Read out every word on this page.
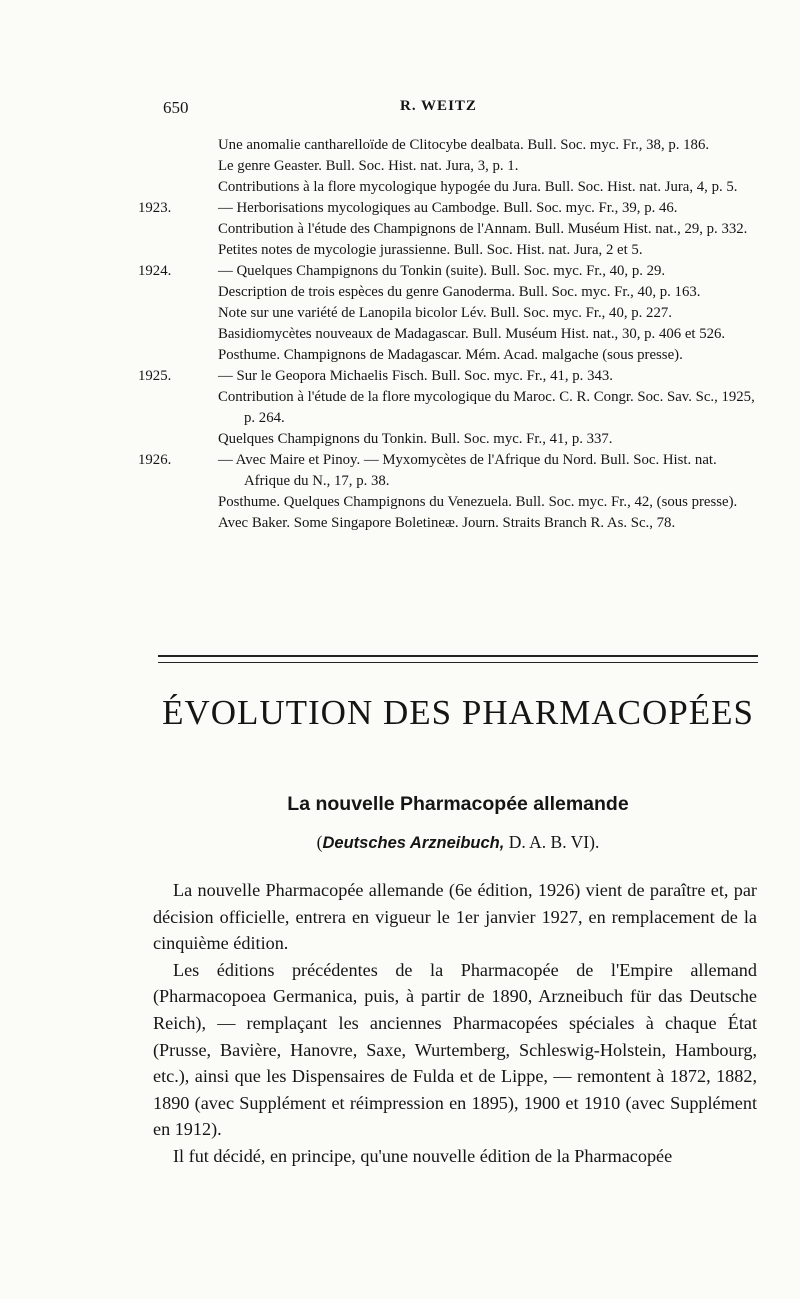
650	R. WEITZ
Une anomalie cantharelloïde de Clitocybe dealbata. Bull. Soc. myc. Fr., 38, p. 186.
Le genre Geaster. Bull. Soc. Hist. nat. Jura, 3, p. 1.
Contributions à la flore mycologique hypogée du Jura. Bull. Soc. Hist. nat. Jura, 4, p. 5.
1923.	— Herborisations mycologiques au Cambodge. Bull. Soc. myc. Fr., 39, p. 46.
Contribution à l'étude des Champignons de l'Annam. Bull. Muséum Hist. nat., 29, p. 332.
Petites notes de mycologie jurassienne. Bull. Soc. Hist. nat. Jura, 2 et 5.
1924.	— Quelques Champignons du Tonkin (suite). Bull. Soc. myc. Fr., 40, p. 29.
Description de trois espèces du genre Ganoderma. Bull. Soc. myc. Fr., 40, p. 163.
Note sur une variété de Lanopila bicolor Lév. Bull. Soc. myc. Fr., 40, p. 227.
Basidiomycètes nouveaux de Madagascar. Bull. Muséum Hist. nat., 30, p. 406 et 526.
Posthume. Champignons de Madagascar. Mém. Acad. malgache (sous presse).
1925.	— Sur le Geopora Michaelis Fisch. Bull. Soc. myc. Fr., 41, p. 343.
Contribution à l'étude de la flore mycologique du Maroc. C. R. Congr. Soc. Sav. Sc., 1925, p. 264.
Quelques Champignons du Tonkin. Bull. Soc. myc. Fr., 41, p. 337.
1926.	— Avec Maire et Pinoy. — Myxomycètes de l'Afrique du Nord. Bull. Soc. Hist. nat. Afrique du N., 17, p. 38.
Posthume. Quelques Champignons du Venezuela. Bull. Soc. myc. Fr., 42, (sous presse).
Avec Baker. Some Singapore Boletineæ. Journ. Straits Branch R. As. Sc., 78.
ÉVOLUTION DES PHARMACOPÉES
La nouvelle Pharmacopée allemande

(Deutsches Arzneibuch, D. A. B. VI).

La nouvelle Pharmacopée allemande (6e édition, 1926) vient de paraître et, par décision officielle, entrera en vigueur le 1er janvier 1927, en remplacement de la cinquième édition.

Les éditions précédentes de la Pharmacopée de l'Empire allemand (Pharmacopoea Germanica, puis, à partir de 1890, Arzneibuch für das Deutsche Reich), — remplaçant les anciennes Pharmacopées spéciales à chaque État (Prusse, Bavière, Hanovre, Saxe, Wurtemberg, Schleswig-Holstein, Hambourg, etc.), ainsi que les Dispensaires de Fulda et de Lippe, — remontent à 1872, 1882, 1890 (avec Supplément et réimpression en 1895), 1900 et 1910 (avec Supplément en 1912).

Il fut décidé, en principe, qu'une nouvelle édition de la Pharmacopée
